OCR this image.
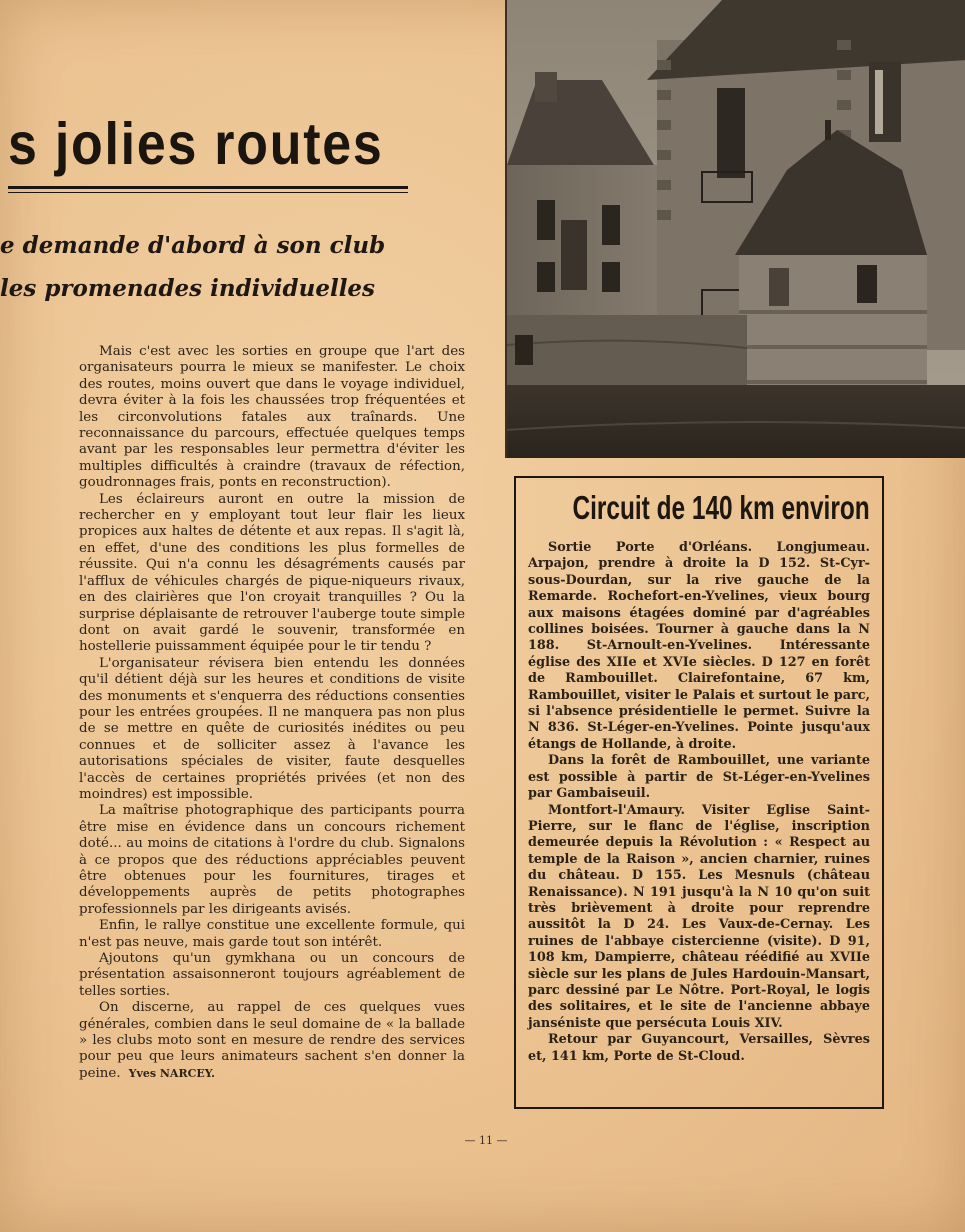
s jolies routes
e demande d'abord à son club
les promenades individuelles

Mais c'est avec les sorties en groupe que l'art des organisateurs pourra le mieux se manifester. Le choix des routes, moins ouvert que dans le voyage individuel, devra éviter à la fois les chaussées trop fréquentées et les circonvolutions fatales aux traînards. Une reconnaissance du parcours, effectuée quelques temps avant par les responsables leur permettra d'éviter les multiples difficultés à craindre (travaux de réfection, goudronnages frais, ponts en reconstruction).

Les éclaireurs auront en outre la mission de rechercher en y employant tout leur flair les lieux propices aux haltes de détente et aux repas. Il s'agit là, en effet, d'une des conditions les plus formelles de réussite. Qui n'a connu les désagréments causés par l'afflux de véhicules chargés de pique-niqueurs rivaux, en des clairières que l'on croyait tranquilles ? Ou la surprise déplaisante de retrouver l'auberge toute simple dont on avait gardé le souvenir, transformée en hostellerie puissamment équipée pour le tir tendu ?

L'organisateur révisera bien entendu les données qu'il détient déjà sur les heures et conditions de visite des monuments et s'enquerra des réductions consenties pour les entrées groupées. Il ne manquera pas non plus de se mettre en quête de curiosités inédites ou peu connues et de solliciter assez à l'avance les autorisations spéciales de visiter, faute desquelles l'accès de certaines propriétés privées (et non des moindres) est impossible.

La maîtrise photographique des participants pourra être mise en évidence dans un concours richement doté... au moins de citations à l'ordre du club. Signalons à ce propos que des réductions appréciables peuvent être obtenues pour les fournitures, tirages et développements auprès de petits photographes professionnels par les dirigeants avisés.

Enfin, le rallye constitue une excellente formule, qui n'est pas neuve, mais garde tout son intérêt.

Ajoutons qu'un gymkhana ou un concours de présentation assaisonneront toujours agréablement de telles sorties.

On discerne, au rappel de ces quelques vues générales, combien dans le seul domaine de « la ballade » les clubs moto sont en mesure de rendre des services pour peu que leurs animateurs sachent s'en donner la peine. Yves NARCEY.

Circuit de 140 km environ

Sortie Porte d'Orléans. Longjumeau. Arpajon, prendre à droite la D 152. St-Cyr-sous-Dourdan, sur la rive gauche de la Remarde. Rochefort-en-Yvelines, vieux bourg aux maisons étagées dominé par d'agréables collines boisées. Tourner à gauche dans la N 188. St-Arnoult-en-Yvelines. Intéressante église des XIIe et XVIe siècles. D 127 en forêt de Rambouillet. Clairefontaine, 67 km, Rambouillet, visiter le Palais et surtout le parc, si l'absence présidentielle le permet. Suivre la N 836. St-Léger-en-Yvelines. Pointe jusqu'aux étangs de Hollande, à droite.

Dans la forêt de Rambouillet, une variante est possible à partir de St-Léger-en-Yvelines par Gambaiseuil.

Montfort-l'Amaury. Visiter Eglise Saint-Pierre, sur le flanc de l'église, inscription demeurée depuis la Révolution : « Respect au temple de la Raison », ancien charnier, ruines du château. D 155. Les Mesnuls (château Renaissance). N 191 jusqu'à la N 10 qu'on suit très brièvement à droite pour reprendre aussitôt la D 24. Les Vaux-de-Cernay. Les ruines de l'abbaye cistercienne (visite). D 91, 108 km, Dampierre, château réédifié au XVIIe siècle sur les plans de Jules Hardouin-Mansart, parc dessiné par Le Nôtre. Port-Royal, le logis des solitaires, et le site de l'ancienne abbaye janséniste que persécuta Louis XIV.

Retour par Guyancourt, Versailles, Sèvres et, 141 km, Porte de St-Cloud.

— 11 —
